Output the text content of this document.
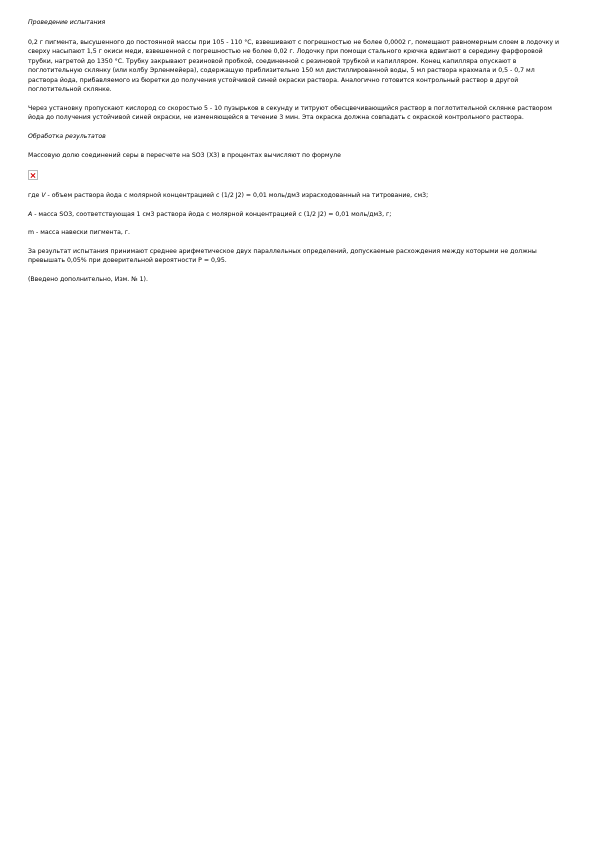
Проведение испытания

0,2 г пигмента, высушенного до постоянной массы при 105 - 110 °С, взвешивают с погрешностью не более 0,0002 г, помещают равномерным слоем в лодочку и сверху насыпают 1,5 г окиси меди, взвешенной с погрешностью не более 0,02 г. Лодочку при помощи стального крючка вдвигают в середину фарфоровой трубки, нагретой до 1350 °С. Трубку закрывают резиновой пробкой, соединенной с резиновой трубкой и капилляром. Конец капилляра опускают в поглотительную склянку (или колбу Эрленмейера), содержащую приблизительно 150 мл дистиллированной воды, 5 мл раствора крахмала и 0,5 - 0,7 мл раствора йода, прибавляемого из бюретки до получения устойчивой синей окраски раствора. Аналогично готовится контрольный раствор в другой поглотительной склянке.

Через установку пропускают кислород со скоростью 5 - 10 пузырьков в секунду и титруют обесцвечивающийся раствор в поглотительной склянке раствором йода до получения устойчивой синей окраски, не изменяющейся в течение 3 мин. Эта окраска должна совпадать с окраской контрольного раствора.

Обработка результатов

Массовую долю соединений серы в пересчете на SO3 (X3) в процентах вычисляют по формуле

где V - объем раствора йода с молярной концентрацией с (1/2 J2) = 0,01 моль/дм3 израсходованный на титрование, см3;

А - масса SO3, соответствующая 1 см3 раствора йода с молярной концентрацией с (1/2 J2) = 0,01 моль/дм3, г;

m - масса навески пигмента, г.

За результат испытания принимают среднее арифметическое двух параллельных определений, допускаемые расхождения между которыми не должны превышать 0,05% при доверительной вероятности Р = 0,95.

(Введено дополнительно, Изм. № 1).
